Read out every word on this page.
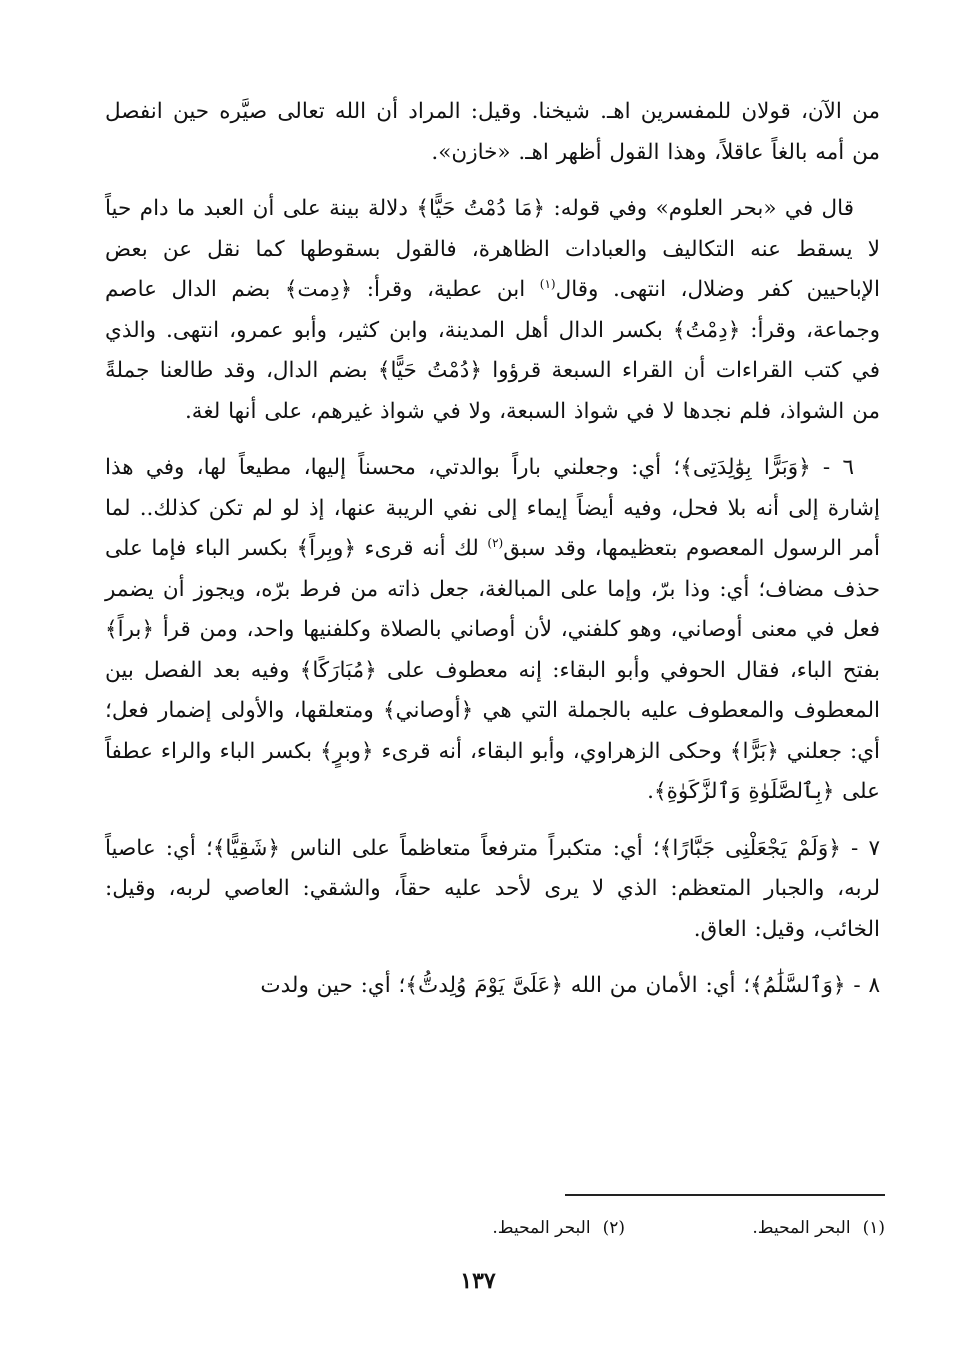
من الآن، قولان للمفسرين اهـ. شيخنا. وقيل: المراد أن الله تعالى صيَّره حين انفصل من أمه بالغاً عاقلاً، وهذا القول أظهر اهـ. «خازن».

قال في «بحر العلوم» وفي قوله: ﴿مَا دُمْتُ حَيًّا﴾ دلالة بينة على أن العبد ما دام حياً لا يسقط عنه التكاليف والعبادات الظاهرة، فالقول بسقوطها كما نقل عن بعض الإباحيين كفر وضلال، انتهى. وقال$^{(١)}$ ابن عطية، وقرأ: ﴿دِمت﴾ بضم الدال عاصم وجماعة، وقرأ: ﴿دِمْتُ﴾ بكسر الدال أهل المدينة، وابن كثير، وأبو عمرو، انتهى. والذي في كتب القراءات أن القراء السبعة قرؤوا ﴿دُمْتُ حَيًّا﴾ بضم الدال، وقد طالعنا جملةً من الشواذ، فلم نجدها لا في شواذ السبعة، ولا في شواذ غيرهم، على أنها لغة.

٦ - ﴿وَبَرًّا بِوَٰلِدَتِى﴾؛ أي: وجعلني باراً بوالدتي، محسناً إليها، مطيعاً لها، وفي هذا إشارة إلى أنه بلا فحل، وفيه أيضاً إيماء إلى نفي الريبة عنها، إذ لو لم تكن كذلك.. لما أمر الرسول المعصوم بتعظيمها، وقد سبق$^{(٢)}$ لك أنه قرىء ﴿وبِراً﴾ بكسر الباء فإما على حذف مضاف؛ أي: وذا برّ، وإما على المبالغة، جعل ذاته من فرط برّه، ويجوز أن يضمر فعل في معنى أوصاني، وهو كلفني، لأن أوصاني بالصلاة وكلفنيها واحد، ومن قرأ ﴿براً﴾ بفتح الباء، فقال الحوفي وأبو البقاء: إنه معطوف على ﴿مُبَارَكًا﴾ وفيه بعد الفصل بين المعطوف والمعطوف عليه بالجملة التي هي ﴿أوصاني﴾ ومتعلقها، والأولى إضمار فعل؛ أي: جعلني ﴿بَرًّا﴾ وحكى الزهراوي، وأبو البقاء، أنه قرىء ﴿وبرٍ﴾ بكسر الباء والراء عطفاً على ﴿بِٱلصَّلَوٰةِ وَٱلزَّكَوٰةِ﴾.

٧ - ﴿وَلَمْ يَجْعَلْنِى جَبَّارًا﴾؛ أي: متكبراً مترفعاً متعاظماً على الناس ﴿شَقِيًّا﴾؛ أي: عاصياً لربه، والجبار المتعظم: الذي لا يرى لأحد عليه حقاً، والشقي: العاصي لربه، وقيل: الخائب، وقيل: العاق.

٨ - ﴿وَٱلسَّلَٰمُ﴾؛ أي: الأمان من الله ﴿عَلَىَّ يَوْمَ وُلِدتُّ﴾؛ أي: حين ولدت

(١)البحر المحيط.
(٢)البحر المحيط.
١٣٧
